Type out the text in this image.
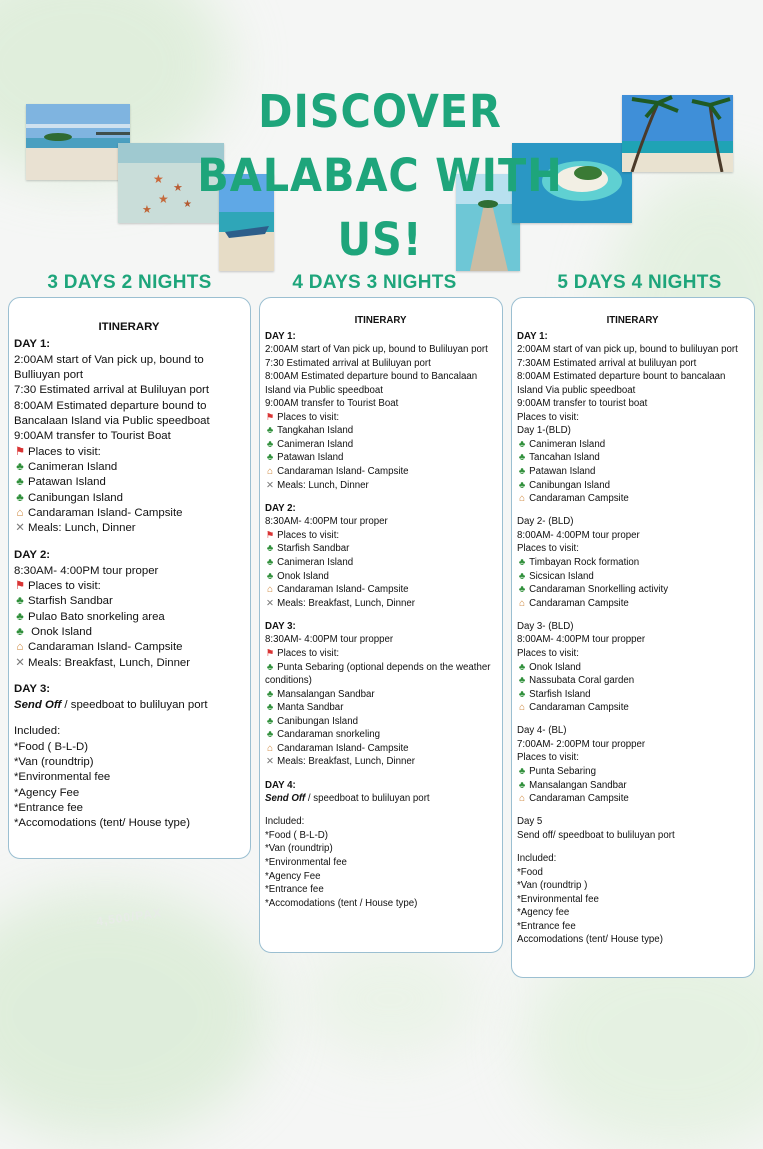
4,500/PAX
★
★
★ ★
★
DISCOVER BALABAC WITH US!
3 DAYS 2 NIGHTS	4 DAYS 3 NIGHTS	5 DAYS 4 NIGHTS
ITINERARY
DAY 1:
2:00AM start of Van pick up, bound to Bulliuyan port
7:30 Estimated arrival at Buliluyan port
8:00AM Estimated departure bound to Bancalaan Island via Public speedboat
9:00AM transfer to Tourist Boat
⚑ Places to visit:
♣ Canimeran Island
♣ Patawan Island
♣ Canibungan Island
⌂ Candaraman Island- Campsite
✕ Meals: Lunch, Dinner
DAY 2:
8:30AM- 4:00PM tour proper
⚑ Places to visit:
♣ Starfish Sandbar
♣ Pulao Bato snorkeling area
♣ Onok Island
⌂ Candaraman Island- Campsite
✕ Meals: Breakfast, Lunch, Dinner
DAY 3:
Send Off / speedboat to buliluyan port
Included:
*Food ( B-L-D)
*Van (roundtrip)
*Environmental fee
*Agency Fee
*Entrance fee
*Accomodations (tent/ House type)
ITINERARY
DAY 1:
2:00AM start of Van pick up, bound to Buliluyan port
7:30 Estimated arrival at Buliluyan port
8:00AM Estimated departure bound to Bancalaan Island via Public speedboat
9:00AM transfer to Tourist Boat
⚑ Places to visit:
♣ Tangkahan Island
♣ Canimeran Island
♣ Patawan Island
⌂ Candaraman Island- Campsite
✕ Meals: Lunch, Dinner
DAY 2:
8:30AM- 4:00PM tour proper
⚑ Places to visit:
♣ Starfish Sandbar
♣ Canimeran Island
♣ Onok Island
⌂ Candaraman Island- Campsite
✕ Meals: Breakfast, Lunch, Dinner
DAY 3:
8:30AM- 4:00PM tour propper
⚑ Places to visit:
♣ Punta Sebaring (optional depends on the weather conditions)
♣ Mansalangan Sandbar
♣ Manta Sandbar
♣ Canibungan Island
♣ Candaraman snorkeling
⌂ Candaraman Island- Campsite
✕ Meals: Breakfast, Lunch, Dinner
DAY 4:
Send Off / speedboat to buliluyan port
Included:
*Food ( B-L-D)
*Van (roundtrip)
*Environmental fee
*Agency Fee
*Entrance fee
*Accomodations (tent / House type)
ITINERARY
DAY 1:
2:00AM start of van pick up, bound to buliluyan port
7:30AM Estimated arrival at buliluyan port
8:00AM Estimated departure bount to bancalaan Island Via public speedboat
9:00AM transfer to tourist boat
Places to visit:
Day 1-(BLD)
♣ Canimeran Island
♣ Tancahan Island
♣ Patawan Island
♣ Canibungan Island
⌂ Candaraman Campsite
Day 2- (BLD)
8:00AM- 4:00PM tour proper
Places to visit:
♣ Timbayan Rock formation
♣ Sicsican Island
♣ Candaraman Snorkelling activity
⌂ Candaraman Campsite
Day 3- (BLD)
8:00AM- 4:00PM tour propper
Places to visit:
♣ Onok Island
♣ Nassubata Coral garden
♣ Starfish Island
⌂ Candaraman Campsite
Day 4- (BL)
7:00AM- 2:00PM tour propper
Places to visit:
♣ Punta Sebaring
♣ Mansalangan Sandbar
⌂ Candaraman Campsite
Day 5
Send off/ speedboat to buliluyan port
Included:
*Food
*Van (roundtrip )
*Environmental fee
*Agency fee
*Entrance fee
Accomodations (tent/ House type)
